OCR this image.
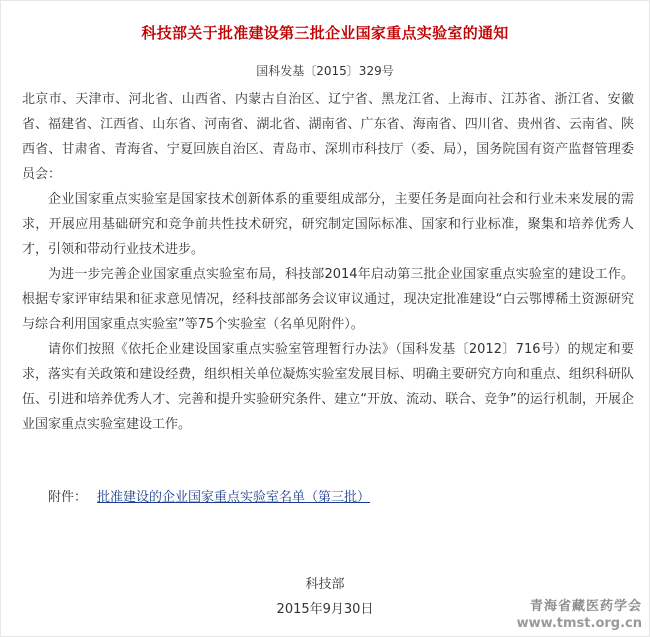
科技部关于批准建设第三批企业国家重点实验室的通知
国科发基〔2015〕329号

北京市、天津市、河北省、山西省、内蒙古自治区、辽宁省、黑龙江省、上海市、江苏省、浙江省、安徽省、福建省、江西省、山东省、河南省、湖北省、湖南省、广东省、海南省、四川省、贵州省、云南省、陕西省、甘肃省、青海省、宁夏回族自治区、青岛市、深圳市科技厅（委、局），国务院国有资产监督管理委员会：

企业国家重点实验室是国家技术创新体系的重要组成部分，主要任务是面向社会和行业未来发展的需求，开展应用基础研究和竞争前共性技术研究，研究制定国际标准、国家和行业标准，聚集和培养优秀人才，引领和带动行业技术进步。

为进一步完善企业国家重点实验室布局，科技部2014年启动第三批企业国家重点实验室的建设工作。根据专家评审结果和征求意见情况，经科技部部务会议审议通过，现决定批准建设“白云鄂博稀土资源研究与综合利用国家重点实验室”等75个实验室（名单见附件）。

请你们按照《依托企业建设国家重点实验室管理暂行办法》（国科发基〔2012〕716号）的规定和要求，落实有关政策和建设经费，组织相关单位凝炼实验室发展目标、明确主要研究方向和重点、组织科研队伍、引进和培养优秀人才、完善和提升实验研究条件、建立“开放、流动、联合、竞争”的运行机制，开展企业国家重点实验室建设工作。

附件： 批准建设的企业国家重点实验室名单（第三批）
科技部
2015年9月30日	青海省藏医药学会
www.tmst.org.cn
